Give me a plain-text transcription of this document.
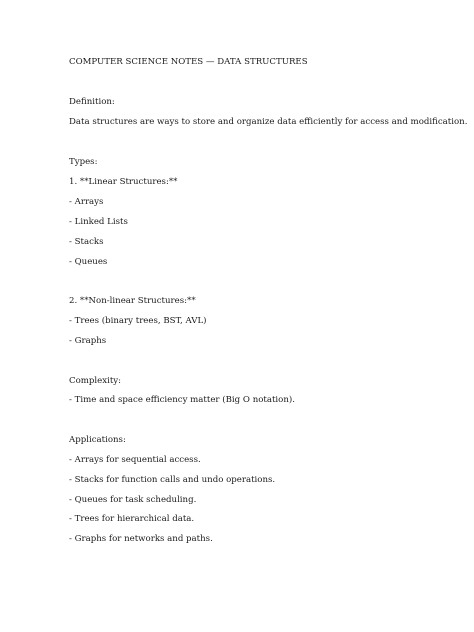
COMPUTER SCIENCE NOTES — DATA STRUCTURES
Definition:
Data structures are ways to store and organize data efficiently for access and modification.
Types:
1. **Linear Structures:**
- Arrays
- Linked Lists
- Stacks
- Queues
2. **Non-linear Structures:**
- Trees (binary trees, BST, AVL)
- Graphs
Complexity:
- Time and space efficiency matter (Big O notation).
Applications:
- Arrays for sequential access.
- Stacks for function calls and undo operations.
- Queues for task scheduling.
- Trees for hierarchical data.
- Graphs for networks and paths.
